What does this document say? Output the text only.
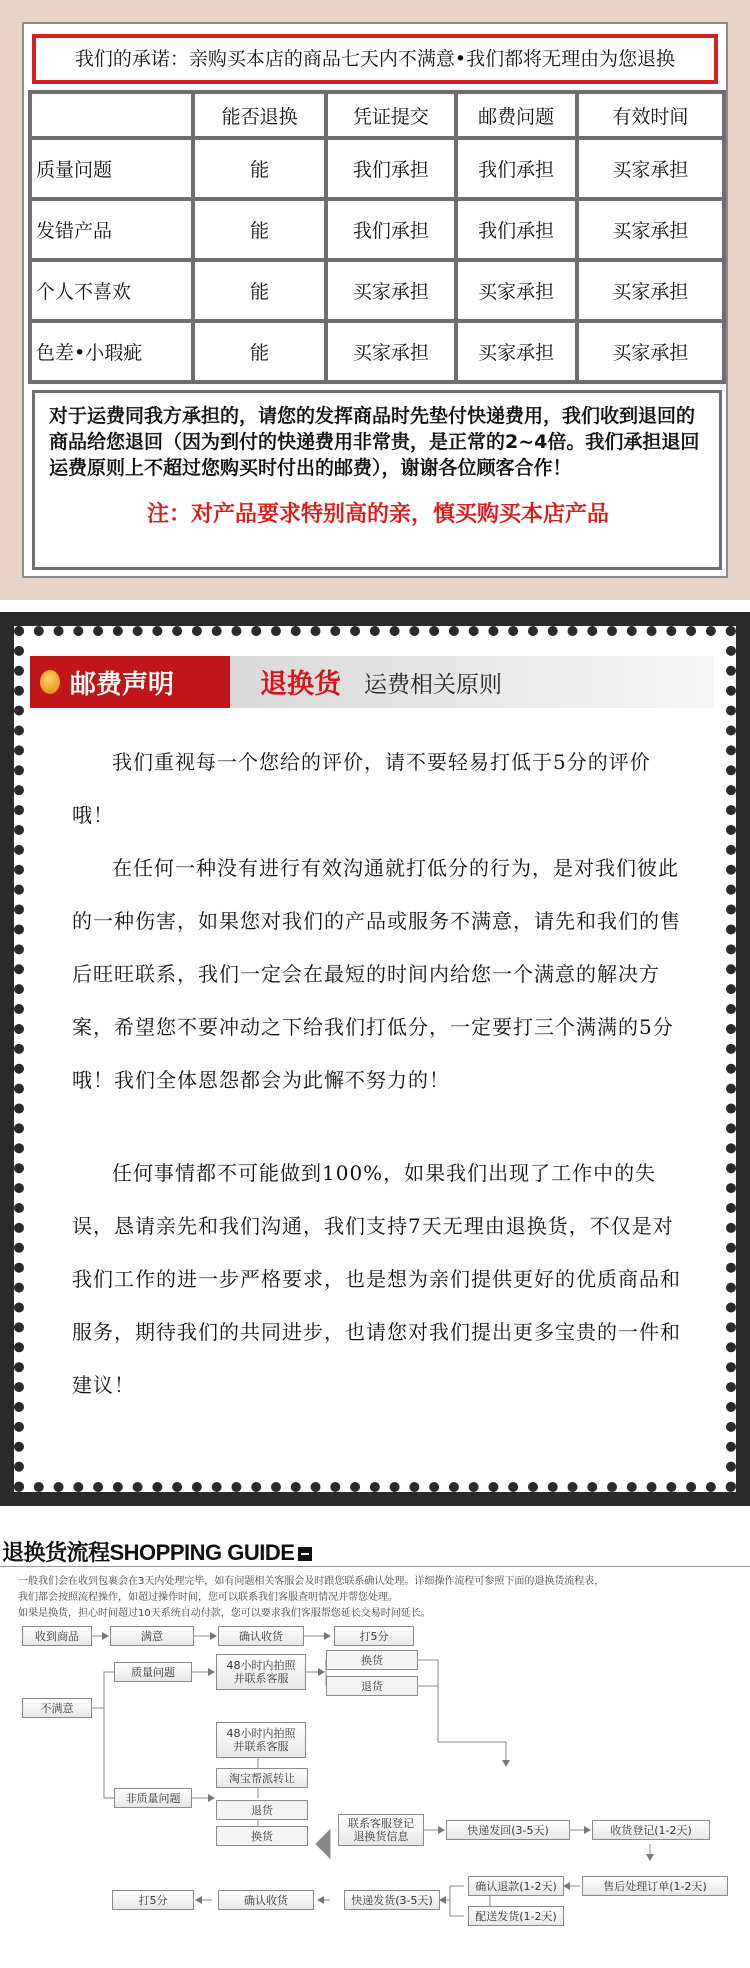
我们的承诺：亲购买本店的商品七天内不满意•我们都将无理由为您退换
	能否退换	凭证提交	邮费问题	有效时间
质量问题	能	我们承担	我们承担	买家承担
发错产品	能	我们承担	我们承担	买家承担
个人不喜欢	能	买家承担	买家承担	买家承担
色差•小瑕疵	能	买家承担	买家承担	买家承担

对于运费同我方承担的，请您的发挥商品时先垫付快递费用，我们收到退回的商品给您退回（因为到付的快递费用非常贵，是正常的2~4倍。我们承担退回运费原则上不超过您购买时付出的邮费），谢谢各位顾客合作！

注：对产品要求特别高的亲，慎买购买本店产品

邮费声明	退换货 运费相关原则

我们重视每一个您给的评价，请不要轻易打低于5分的评价哦！

在任何一种没有进行有效沟通就打低分的行为，是对我们彼此的一种伤害，如果您对我们的产品或服务不满意，请先和我们的售后旺旺联系，我们一定会在最短的时间内给您一个满意的解决方案，希望您不要冲动之下给我们打低分，一定要打三个满满的5分哦！我们全体恩怨都会为此懈不努力的！

任何事情都不可能做到100%，如果我们出现了工作中的失误，恳请亲先和我们沟通，我们支持7天无理由退换货，不仅是对我们工作的进一步严格要求，也是想为亲们提供更好的优质商品和服务，期待我们的共同进步，也请您对我们提出更多宝贵的一件和建议！

退换货流程SHOPPING GUIDE
一般我们会在收到包裹会在3天内处理完毕，如有问题相关客服会及时跟您联系确认处理。详细操作流程可参照下面的退换货流程表，
我们都会按照流程操作，如超过操作时间，您可以联系我们客服查明情况并帮您处理。
如果是换货，担心时间超过10天系统自动付款，您可以要求我们客服帮您延长交易时间延长。
收到商品	满意	确认收货	打5分
不满意
质量问题	48小时内拍照
并联系客服
换货
退货
非质量问题
48小时内拍照
并联系客服
淘宝帮派转让
退货
换货
联系客服登记
退换货信息	快递发回(3-5天)	收货登记(1-2天)
确认退款(1-2天)
配送发货(1-2天)
售后处理订单(1-2天)
快递发货(3-5天)
确认收货
打5分
